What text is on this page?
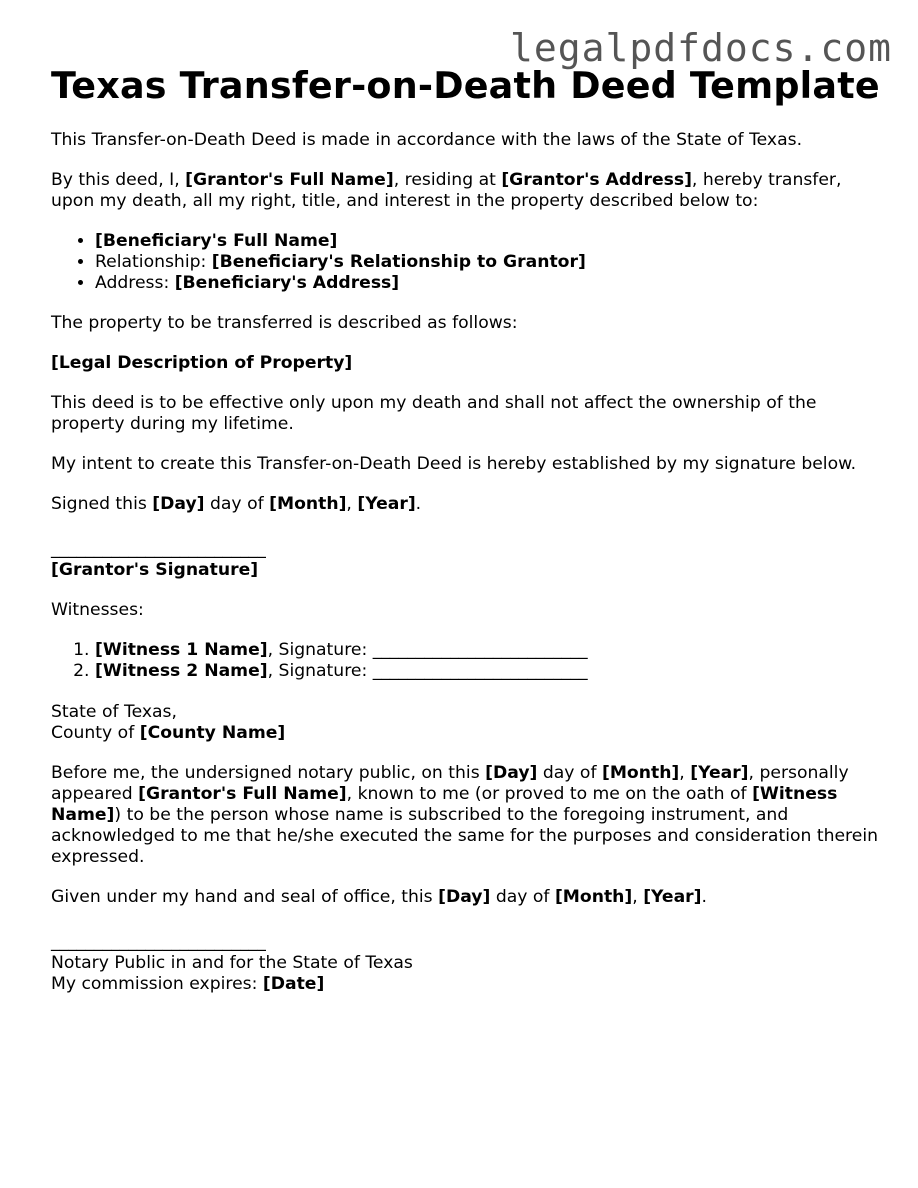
legalpdfdocs.com
Texas Transfer-on-Death Deed Template

This Transfer-on-Death Deed is made in accordance with the laws of the State of Texas.

By this deed, I, [Grantor's Full Name], residing at [Grantor's Address], hereby transfer, upon my death, all my right, title, and interest in the property described below to:

• [Beneficiary's Full Name]
• Relationship: [Beneficiary's Relationship to Grantor]
• Address: [Beneficiary's Address]

The property to be transferred is described as follows:

[Legal Description of Property]

This deed is to be effective only upon my death and shall not affect the ownership of the property during my lifetime.

My intent to create this Transfer-on-Death Deed is hereby established by my signature below.

Signed this [Day] day of [Month], [Year].

_________________________
[Grantor's Signature]

Witnesses:

1. [Witness 1 Name], Signature: _________________________
2. [Witness 2 Name], Signature: _________________________

State of Texas,
County of [County Name]

Before me, the undersigned notary public, on this [Day] day of [Month], [Year], personally appeared [Grantor's Full Name], known to me (or proved to me on the oath of [Witness Name]) to be the person whose name is subscribed to the foregoing instrument, and acknowledged to me that he/she executed the same for the purposes and consideration therein expressed.

Given under my hand and seal of office, this [Day] day of [Month], [Year].

_________________________
Notary Public in and for the State of Texas
My commission expires: [Date]
